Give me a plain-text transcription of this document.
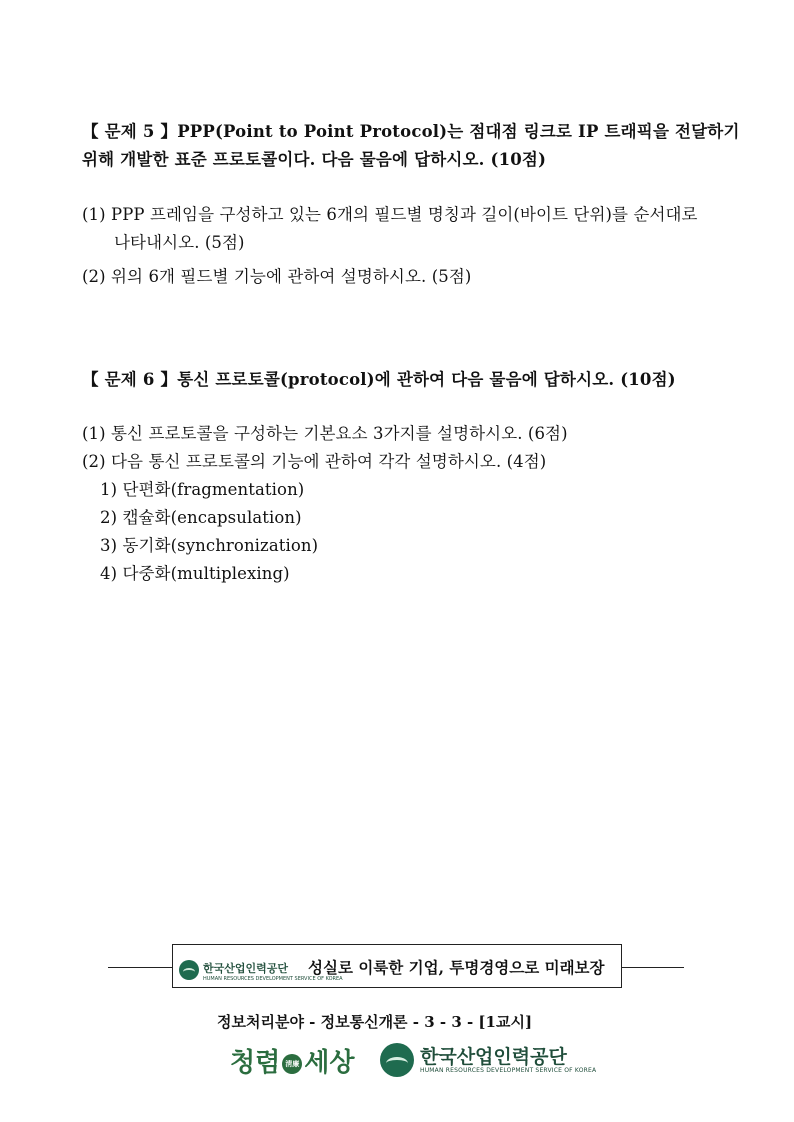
【 문제 5 】PPP(Point to Point Protocol)는 점대점 링크로 IP 트래픽을 전달하기
위해 개발한 표준 프로토콜이다. 다음 물음에 답하시오. (10점)
(1) PPP 프레임을 구성하고 있는 6개의 필드별 명칭과 길이(바이트 단위)를 순서대로
나타내시오. (5점)
(2) 위의 6개 필드별 기능에 관하여 설명하시오. (5점)
【 문제 6 】통신 프로토콜(protocol)에 관하여 다음 물음에 답하시오. (10점)
(1) 통신 프로토콜을 구성하는 기본요소 3가지를 설명하시오. (6점)
(2) 다음 통신 프로토콜의 기능에 관하여 각각 설명하시오. (4점)
1) 단편화(fragmentation)
2) 캡슐화(encapsulation)
3) 동기화(synchronization)
4) 다중화(multiplexing)
한국산업인력공단
HUMAN RESOURCES DEVELOPMENT SERVICE OF KOREA
성실로 이룩한 기업, 투명경영으로 미래보장
정보처리분야 - 정보통신개론 - 3 - 3 - [1교시]
청렴 淸廉 세상	한국산업인력공단
HUMAN RESOURCES DEVELOPMENT SERVICE OF KOREA
